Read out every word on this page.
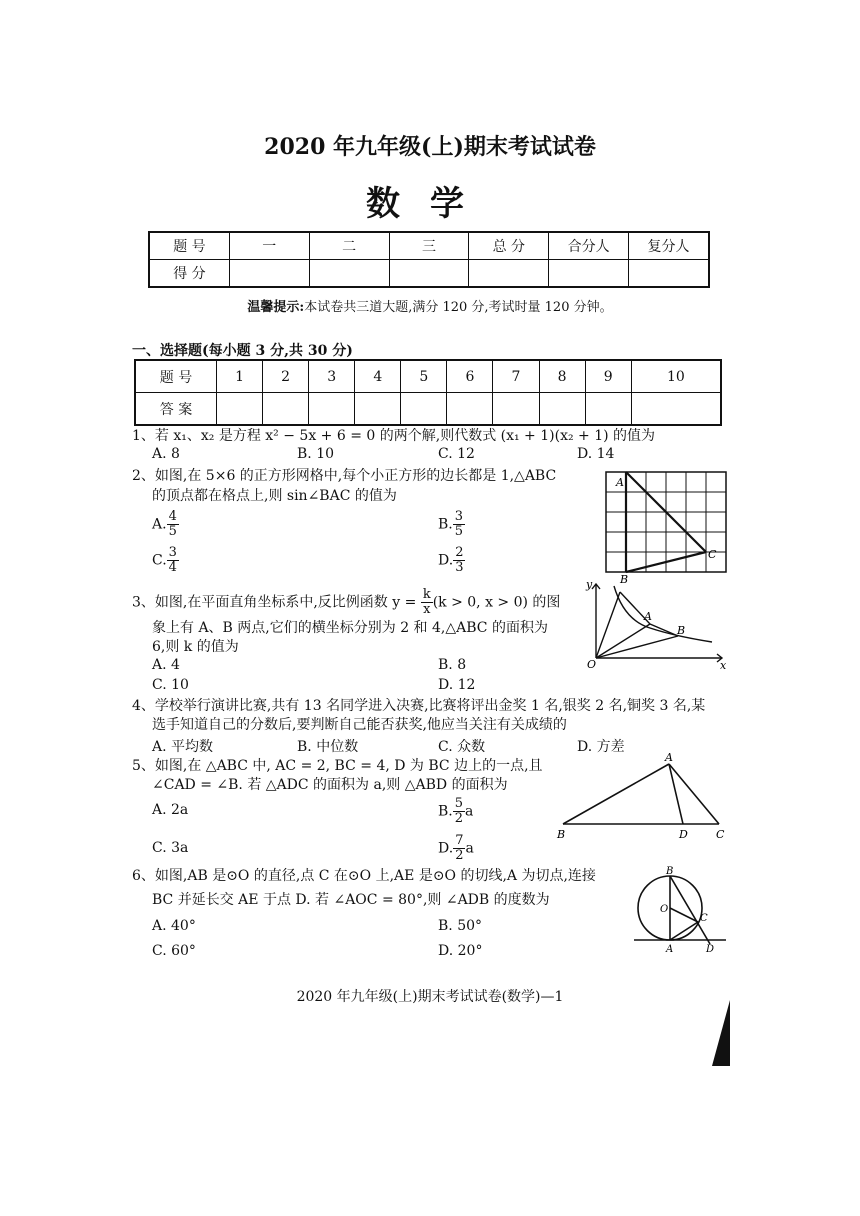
2020 年九年级(上)期末考试试卷
数学
题 号	一	二	三	总 分	合分人	复分人
得 分						
温馨提示:本试卷共三道大题,满分 120 分,考试时量 120 分钟。
一、选择题(每小题 3 分,共 30 分)
题 号	1	2	3	4	5	6	7	8	9	10
答 案										
1、若 x₁、x₂ 是方程 x² − 5x + 6 = 0 的两个解,则代数式 (x₁ + 1)(x₂ + 1) 的值为
A. 8	B. 10	C. 12	D. 14
2、如图,在 5×6 的正方形网格中,每个小正方形的边长都是 1,△ABC
的顶点都在格点上,则 sin∠BAC 的值为
A. $\frac{4}{5}$	B. $\frac{3}{5}$
C. $\frac{3}{4}$	D. $\frac{2}{3}$
A
B
C
3、如图,在平面直角坐标系中,反比例函数 $y = \frac{k}{x} (k > 0$, x > 0) 的图
象上有 A、B 两点,它们的横坐标分别为 2 和 4,△ABC 的面积为
6,则 k 的值为
A. 4	B. 8
C. 10	D. 12
y
x
O
A
B
4、学校举行演讲比赛,共有 13 名同学进入决赛,比赛将评出金奖 1 名,银奖 2 名,铜奖 3 名,某
选手知道自己的分数后,要判断自己能否获奖,他应当关注有关成绩的
A. 平均数	B. 中位数	C. 众数	D. 方差
5、如图,在 △ABC 中, AC = 2, BC = 4, D 为 BC 边上的一点,且
∠CAD = ∠B. 若 △ADC 的面积为 a,则 △ABD 的面积为
A. 2a	B. $\frac{5}{2}$ a
C. 3a	D. $\frac{7}{2}$ a
A
B	D	C
6、如图,AB 是⊙O 的直径,点 C 在⊙O 上,AE 是⊙O 的切线,A 为切点,连接
BC 并延长交 AE 于点 D. 若 ∠AOC = 80°,则 ∠ADB 的度数为
A. 40°	B. 50°
C. 60°	D. 20°
B
O
C
A	D
2020 年九年级(上)期末考试试卷(数学)—1
